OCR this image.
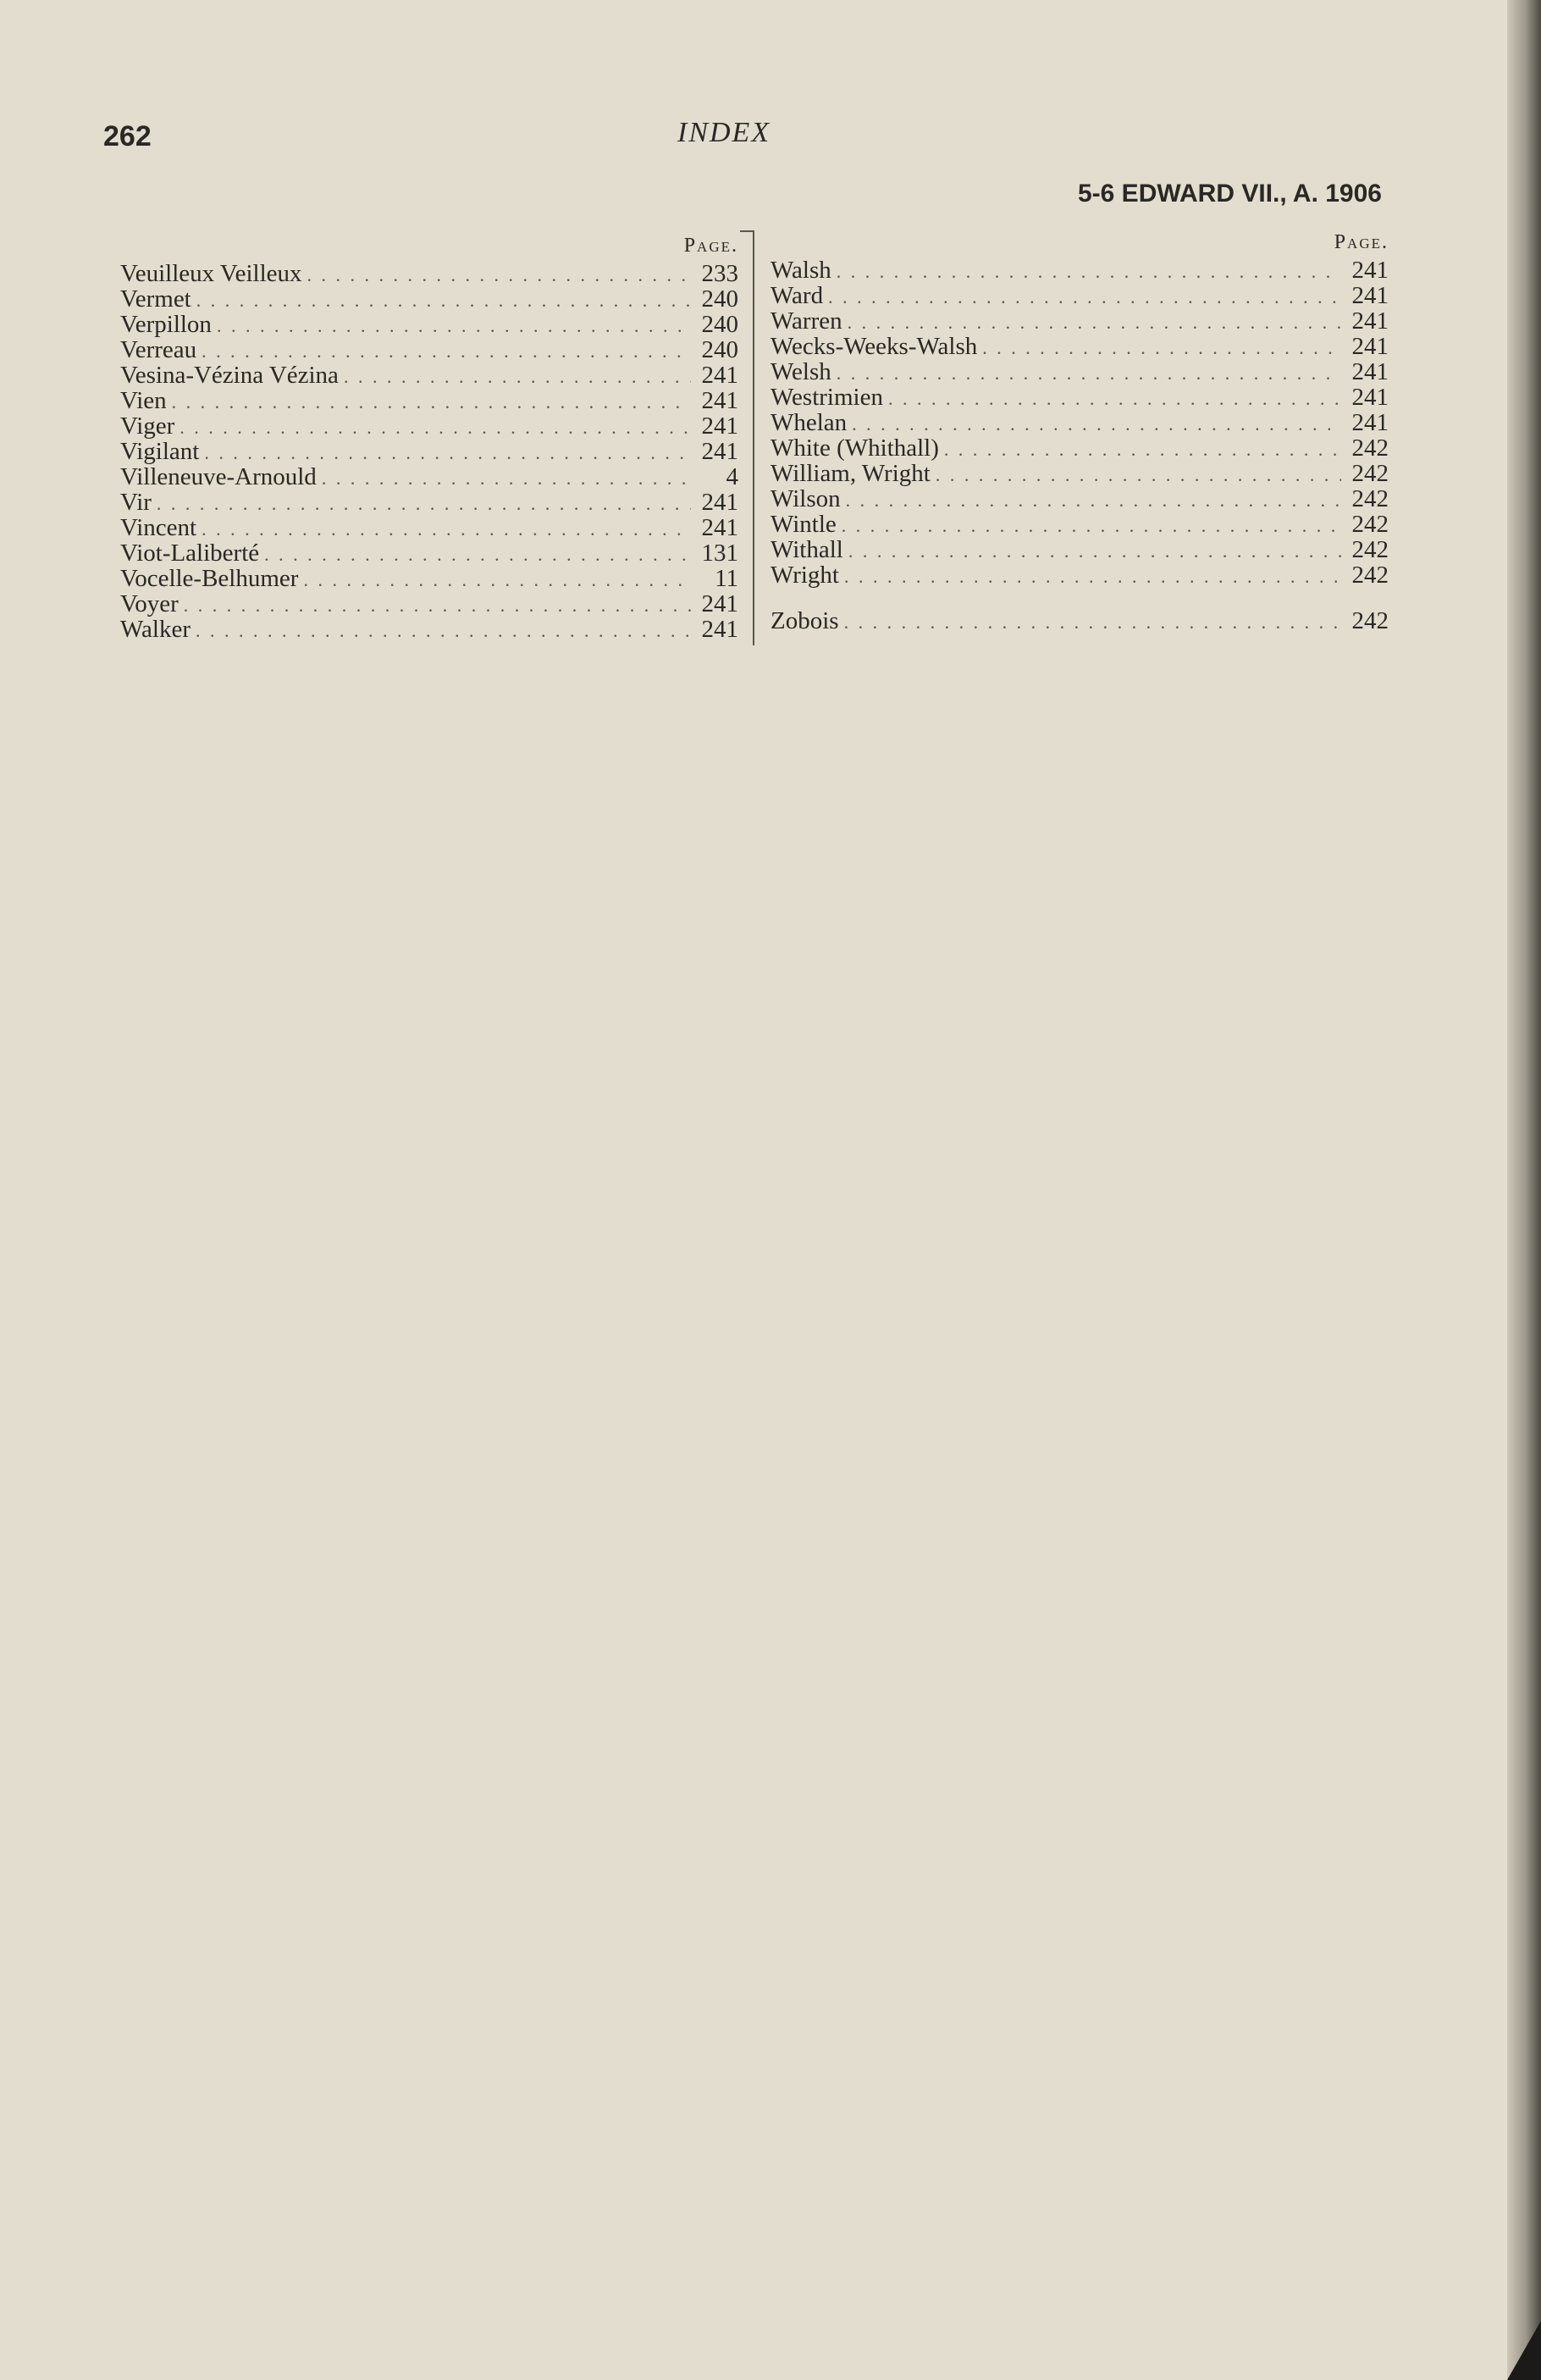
262	INDEX
5-6 EDWARD VII., A. 1906
Page.
Veuilleux Veilleux . . .	233
Vermet . . .	240
Verpillon . . .	240
Verreau . . .	240
Vesina-Vézina Vézina . . .	241
Vien . . .	241
Viger . . .	241
Vigilant . . .	241
Villeneuve-Arnould . . .	4
Vir . . .	241
Vincent . . .	241
Viot-Laliberté . . .	131
Vocelle-Belhumer . . .	11
Voyer . . .	241
Walker . . .	241
Page.
Walsh . . .	241
Ward . . .	241
Warren . . .	241
Wecks-Weeks-Walsh . . .	241
Welsh . . .	241
Westrimien . . .	241
Whelan . . .	241
White (Whithall) . . .	242
William, Wright . . .	242
Wilson . . .	242
Wintle . . .	242
Withall . . .	242
Wright . . .	242
Zobois . . .	242
